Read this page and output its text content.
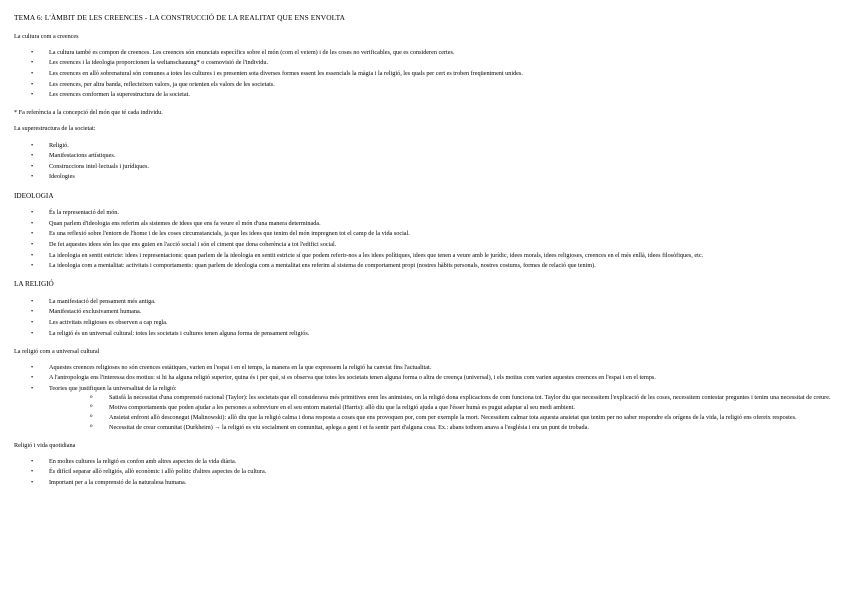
TEMA 6: L'ÀMBIT DE LES CREENCES - LA CONSTRUCCIÓ DE LA REALITAT QUE ENS ENVOLTA
La cultura com a creences
• La cultura també es compon de creences. Les creences són enunciats específics sobre el món (com el veiem) i de les coses no verificables, que es consideren certes.
• Les creences i la ideologia proporcionen la weltanschauung* o cosmovisió de l'individu.
• Les creences en allò sobrenatural són comunes a totes les cultures i es presenten sota diverses formes essent les essencials la màgia i la religió, les quals per cert es troben freqüentment unides.
• Les creences, per altra banda, reflecteixen valors, ja que orienten els valors de les societats.
• Les creences conformen la superestructura de la societat.
* Fa referència a la concepció del món que té cada individu.
La superestructura de la societat:
• Religió.
• Manifestacions artístiques.
• Construccions intel·lectuals i jurídiques.
• Ideologies
IDEOLOGIA
• És la representació del món.
• Quan parlem d'ideologia ens referim als sistemes de idees que ens fa veure el món d'una manera determinada.
• Es una reflexió sobre l'entorn de l'home i de les coses circumstancials, ja que les idees que tenim del món impregnen tot el camp de la vida social.
• De fet aquestes idees són les que ens guien en l'acció social i són el ciment que dona coherència a tot l'edifici social.
• La ideologia en sentit estricte: idees i representacions: quan parlem de la ideologia en sentit estricte sí que podem referir-nos a les idees polítiques, idees que tenen a veure amb le jurídic, idees morals, idees religioses, creences en el més enllà, idees filosòfiques, etc.
• La ideologia com a mentalitat: activitats i comportaments: quan parlem de ideologia com a mentalitat ens referim al sistema de comportament propi (nostres hàbits personals, nostres costums, formes de relació que tenim).
LA RELIGIÓ
• La manifestació del pensament més antiga.
• Manifestació exclusivament humana.
• Les activitats religioses es observen a cap regla.
• La religió és un universal cultural: totes les societats i cultures tenen alguna forma de pensament religiós.
La religió com a universal cultural
• Aquestes creences religioses no són creences estàtiques, varien en l'espai i en el temps, la manera en la que expressem la religió ha canviat fins l'actualitat.
• A l'antropologia ens l'interessa dos motius: si hi ha alguna religió superior, quina és i per què, si es observa que totes les societats tenen alguna forma o altra de creença (universal), i els motius com varien aquestes creences en l'espai i en el temps.
• Teories que justifiquen la universalitat de la religió:
o Satisfà la necessitat d'una comprensió racional (Taylor): les societats que ell considerava més primitives eren les animistes, on la religió dona explicacions de com funciona tot. Taylor diu que necessitem l'explicació de les coses, necessitem contestar preguntes i tenim una necessitat de creure.
o Motiva comportaments que poden ajudar a les persones a sobreviure en el seu entorn material (Harris): allò diu que la religió ajuda a que l'ésser humà es pugui adaptar al seu medi ambient.
o Ansietat enfront allò desconegut (Malinowski): allò diu que la religió calma i dona resposta a coses que ens provoquen por, com per exemple la mort. Necessitem calmar tota aquesta ansietat que tenim per no saber respondre els orígens de la vida, la religió ens ofereix respostes.
o Necessitat de crear comunitat (Durkheim) → la religió es viu socialment en comunitat, aplega a gent i et fa sentir part d'alguna cosa. Ex.: abans tothom anava a l'església i era un punt de trobada.
Religió i vida quotidiana
• En moltes cultures la religió es confon amb altres aspectes de la vida diària.
• És difícil separar allò religiós, allò econòmic i allò polític d'altres aspectes de la cultura.
• Important per a la comprensió de la naturalesa humana.
